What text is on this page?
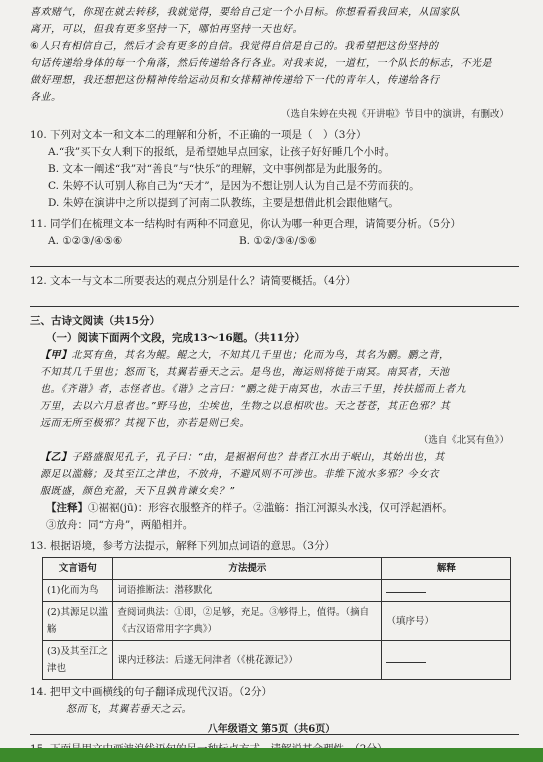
喜欢赌气，你现在就去转移，我就觉得，要给自己定一个小目标。你想看看我回来，从国家队

离开，可以，但我有更多坚持一下，哪怕再坚持一天也好。

⑥人只有相信自己，然后才会有更多的自信。我觉得自信是自己的。我希望把这份坚持的

句话传递给身体的每一个角落，然后传递给各行各业。对我来说，一道杠，一个队长的标志，不光是

做好理想，我还想把这份精神传给运动员和女排精神传递给下一代的青年人，传递给各行

各业。

（选自朱婷在央视《开讲啦》节目中的演讲，有删改）

10. 下列对文本一和文本二的理解和分析，不正确的一项是（　）（3分）

A.“我”买下女人剩下的报纸，是希望她早点回家，让孩子好好睡几个小时。

B. 文本一阐述“我”对“善良”与“快乐”的理解，文中事例都是为此服务的。

C. 朱婷不认可别人称自己为“天才”，是因为不想让别人认为自己是不劳而获的。

D. 朱婷在演讲中之所以提到了河南二队教练，主要是想借此机会跟他赌气。

11. 同学们在梳理文本一结构时有两种不同意见，你认为哪一种更合理，请简要分析。（5分）

A. ①②③/④⑤⑥	B. ①②/③④/⑤⑥

12. 文本一与文本二所要表达的观点分别是什么？请简要概括。（4分）

三、古诗文阅读（共15分）

（一）阅读下面两个文段，完成13～16题。（共11分）

【甲】北冥有鱼，其名为鲲。鲲之大，不知其几千里也；化而为鸟，其名为鹏。鹏之背，

不知其几千里也；怒而飞，其翼若垂天之云。是鸟也，海运则将徙于南冥。南冥者，天池

也。《齐谐》者，志怪者也。《谐》之言曰：“鹏之徙于南冥也，水击三千里，抟扶摇而上者九

万里，去以六月息者也。”野马也，尘埃也，生物之以息相吹也。天之苍苍，其正色邪？其

远而无所至极邪？其视下也，亦若是则已矣。

（选自《北冥有鱼》）

【乙】子路盛服见孔子，孔子曰：“由，是裾裾何也？昔者江水出于岷山，其始出也，其

源足以滥觞；及其至江之津也，不放舟，不避风则不可涉也。非维下流水多邪？今女衣

服既盛，颜色充盈，天下且孰肯谏女矣？”

【注释】①裾裾(jū)：形容衣服整齐的样子。②滥觞：指江河源头水浅，仅可浮起酒杯。

③放舟：同“方舟”，两船相并。

13. 根据语境，参考方法提示，解释下列加点词语的意思。（3分）

文言语句	方法提示	解释
(1)化而为鸟	词语推断法：潜移默化	
(2)其源足以滥觞	查阅词典法：①即，②足够，充足。③够得上，值得。（摘自《古汉语常用字字典》）	（填序号）
(3)及其至江之津也	课内迁移法：后遂无问津者（《桃花源记》）	

14. 把甲文中画横线的句子翻译成现代汉语。（2分）

怒而飞，其翼若垂天之云。

八年级语文 第5页（共6页）
